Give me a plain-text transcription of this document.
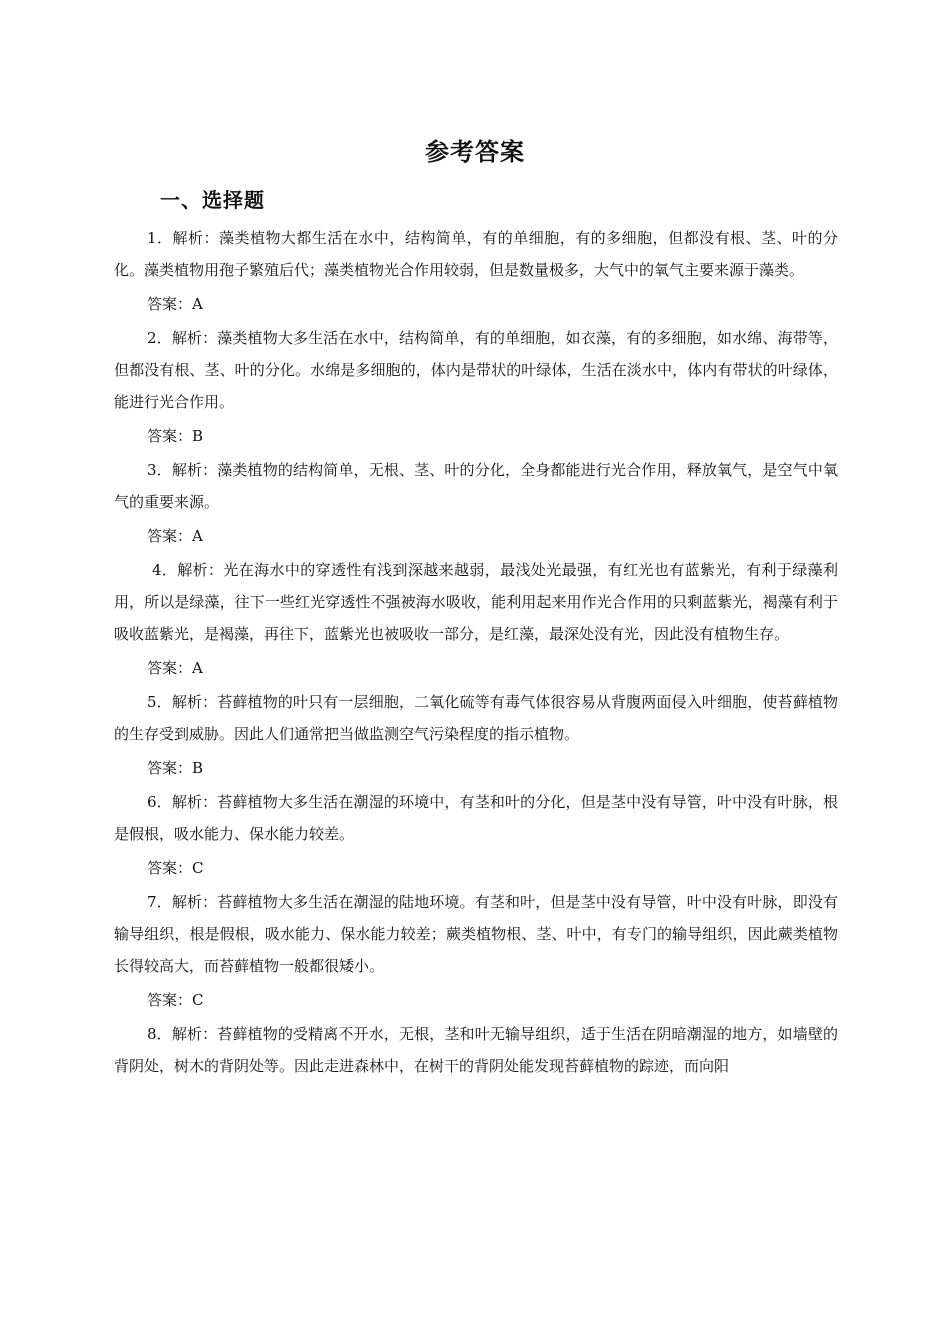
参考答案
一、选择题

1．解析：藻类植物大都生活在水中，结构简单，有的单细胞，有的多细胞，但都没有根、茎、叶的分化。藻类植物用孢子繁殖后代；藻类植物光合作用较弱，但是数量极多，大气中的氧气主要来源于藻类。

答案：A

2．解析：藻类植物大多生活在水中，结构简单，有的单细胞，如衣藻，有的多细胞，如水绵、海带等，但都没有根、茎、叶的分化。水绵是多细胞的，体内是带状的叶绿体，生活在淡水中，体内有带状的叶绿体，能进行光合作用。

答案：B

3．解析：藻类植物的结构简单，无根、茎、叶的分化，全身都能进行光合作用，释放氧气，是空气中氧气的重要来源。

答案：A

4．解析：光在海水中的穿透性有浅到深越来越弱，最浅处光最强，有红光也有蓝紫光，有利于绿藻利用，所以是绿藻，往下一些红光穿透性不强被海水吸收，能利用起来用作光合作用的只剩蓝紫光，褐藻有利于吸收蓝紫光，是褐藻，再往下，蓝紫光也被吸收一部分，是红藻，最深处没有光，因此没有植物生存。

答案：A

5．解析：苔藓植物的叶只有一层细胞，二氧化硫等有毒气体很容易从背腹两面侵入叶细胞，使苔藓植物的生存受到威胁。因此人们通常把当做监测空气污染程度的指示植物。

答案：B

6．解析：苔藓植物大多生活在潮湿的环境中，有茎和叶的分化，但是茎中没有导管，叶中没有叶脉，根是假根，吸水能力、保水能力较差。

答案：C

7．解析：苔藓植物大多生活在潮湿的陆地环境。有茎和叶，但是茎中没有导管，叶中没有叶脉，即没有输导组织，根是假根，吸水能力、保水能力较差；蕨类植物根、茎、叶中，有专门的输导组织，因此蕨类植物长得较高大，而苔藓植物一般都很矮小。

答案：C

8．解析：苔藓植物的受精离不开水，无根，茎和叶无输导组织，适于生活在阴暗潮湿的地方，如墙壁的背阴处，树木的背阴处等。因此走进森林中，在树干的背阴处能发现苔藓植物的踪迹，而向阳
